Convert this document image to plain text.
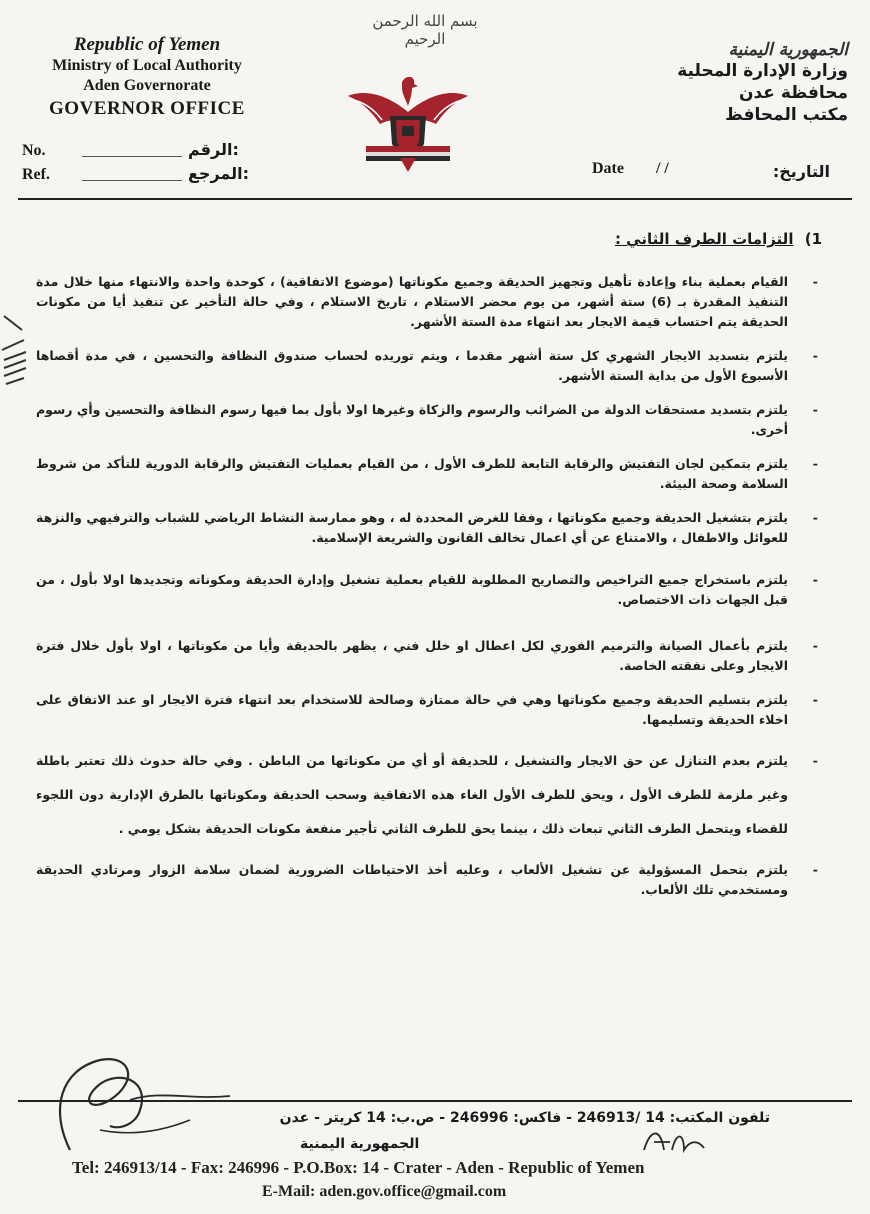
Republic of Yemen
Ministry of Local Authority
Aden Governorate
GOVERNOR OFFICE
بسم الله الرحمن الرحيم
الجمهورية اليمنية
وزارة الإدارة المحلية
محافظة عدن
مكتب المحافظ
No.	الرقم:
Ref.	المرجع:	Date / /	التاريخ:
1) التزامات الطرف الثاني :
-
القيام بعملية بناء وإعادة تأهيل وتجهيز الحديقة وجميع مكوناتها (موضوع الاتفاقية) ، كوحدة واحدة والانتهاء منها خلال مدة التنفيذ المقدرة بـ (6) ستة أشهر، من يوم محضر الاستلام ، تاريخ الاستلام ، وفي حالة التأخير عن تنفيذ أيا من مكونات الحديقة يتم احتساب قيمة الايجار بعد انتهاء مدة الستة الأشهر.
-
يلتزم بتسديد الايجار الشهري كل ستة أشهر مقدما ، ويتم توريده لحساب صندوق النظافة والتحسين ، في مدة أقصاها الأسبوع الأول من بداية الستة الأشهر.
-
يلتزم بتسديد مستحقات الدولة من الضرائب والرسوم والزكاة وغيرها اولا بأول بما فيها رسوم النظافة والتحسين وأي رسوم أخرى.
-
يلتزم بتمكين لجان التفتيش والرقابة التابعة للطرف الأول ، من القيام بعمليات التفتيش والرقابة الدورية للتأكد من شروط السلامة وصحة البيئة.
-
يلتزم بتشغيل الحديقة وجميع مكوناتها ، وفقا للغرض المحددة له ، وهو ممارسة النشاط الرياضي للشباب والترفيهي والنزهة للعوائل والاطفال ، والامتناع عن أي اعمال تخالف القانون والشريعة الإسلامية.
-
يلتزم باستخراج جميع التراخيص والتصاريح المطلوبة للقيام بعملية تشغيل وإدارة الحديقة ومكوناته وتجديدها اولا بأول ، من قبل الجهات ذات الاختصاص.
-
يلتزم بأعمال الصيانة والترميم الفوري لكل اعطال او خلل فني ، يظهر بالحديقة وأيا من مكوناتها ، اولا بأول خلال فترة الايجار وعلى نفقته الخاصة.
-
يلتزم بتسليم الحديقة وجميع مكوناتها وهي في حالة ممتازة وصالحة للاستخدام بعد انتهاء فترة الايجار او عند الاتفاق على اخلاء الحديقة وتسليمها.
-
يلتزم بعدم التنازل عن حق الايجار والتشغيل ، للحديقة أو أي من مكوناتها من الباطن . وفي حالة حدوث ذلك تعتبر باطلة وغير ملزمة للطرف الأول ، ويحق للطرف الأول الغاء هذه الاتفاقية وسحب الحديقة ومكوناتها بالطرق الإدارية دون اللجوء للقضاء ويتحمل الطرف الثاني تبعات ذلك ، بينما يحق للطرف الثاني تأجير منفعة مكونات الحديقة بشكل يومي .
-
يلتزم بتحمل المسؤولية عن تشغيل الألعاب ، وعليه أخذ الاحتياطات الضرورية لضمان سلامة الزوار ومرتادي الحديقة ومستخدمي تلك الألعاب.
تلفون المكتب: 14 /246913 - فاكس: 246996 - ص.ب: 14 كريتر - عدن
الجمهورية اليمنية
Tel: 246913/14 - Fax: 246996 - P.O.Box: 14 - Crater - Aden - Republic of Yemen
E-Mail: aden.gov.office@gmail.com
